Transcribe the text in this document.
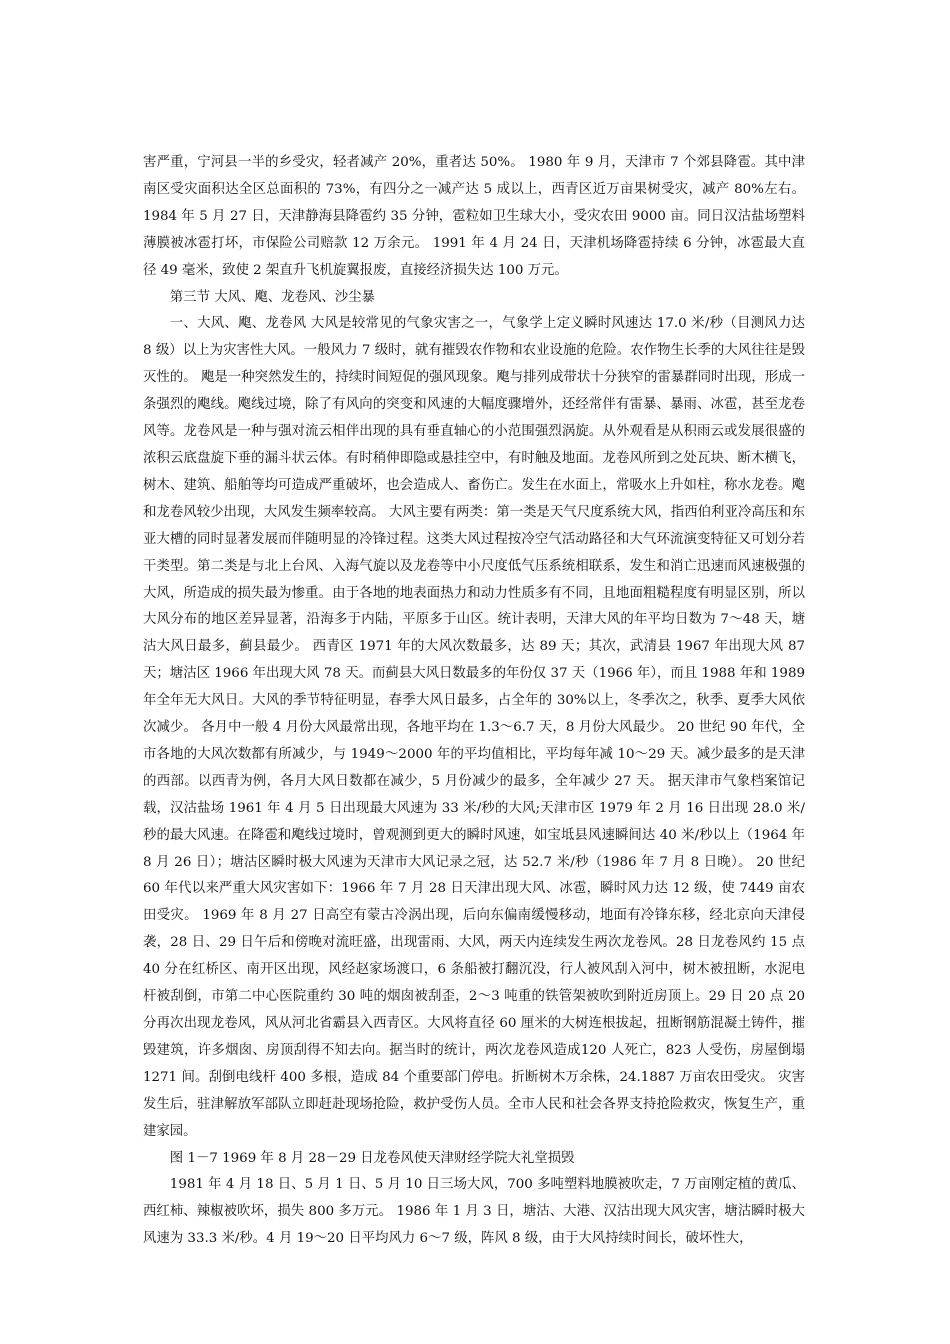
害严重，宁河县一半的乡受灾，轻者减产 20%，重者达 50%。 1980 年 9 月，天津市 7 个郊县降雹。其中津南区受灾面积达全区总面积的 73%，有四分之一减产达 5 成以上，西青区近万亩果树受灾，减产 80%左右。 1984 年 5 月 27 日，天津静海县降雹约 35 分钟，雹粒如卫生球大小，受灾农田 9000 亩。同日汉沽盐场塑料薄膜被冰雹打坏，市保险公司赔款 12 万余元。 1991 年 4 月 24 日，天津机场降雹持续 6 分钟，冰雹最大直径 49 毫米，致使 2 架直升飞机旋翼报废，直接经济损失达 100 万元。

第三节 大风、飑、龙卷风、沙尘暴

一、大风、飑、龙卷风 大风是较常见的气象灾害之一，气象学上定义瞬时风速达 17.0 米/秒（目测风力达 8 级）以上为灾害性大风。一般风力 7 级时，就有摧毁农作物和农业设施的危险。农作物生长季的大风往往是毁灭性的。 飑是一种突然发生的，持续时间短促的强风现象。飑与排列成带状十分狭窄的雷暴群同时出现，形成一条强烈的飑线。飑线过境，除了有风向的突变和风速的大幅度骤增外，还经常伴有雷暴、暴雨、冰雹，甚至龙卷风等。龙卷风是一种与强对流云相伴出现的具有垂直轴心的小范围强烈涡旋。从外观看是从积雨云或发展很盛的浓积云底盘旋下垂的漏斗状云体。有时稍伸即隐或悬挂空中，有时触及地面。龙卷风所到之处瓦块、断木横飞，树木、建筑、船舶等均可造成严重破坏，也会造成人、畜伤亡。发生在水面上，常吸水上升如柱，称水龙卷。飑和龙卷风较少出现，大风发生频率较高。 大风主要有两类：第一类是天气尺度系统大风，指西伯利亚冷高压和东亚大槽的同时显著发展而伴随明显的冷锋过程。这类大风过程按冷空气活动路径和大气环流演变特征又可划分若干类型。第二类是与北上台风、入海气旋以及龙卷等中小尺度低气压系统相联系，发生和消亡迅速而风速极强的大风，所造成的损失最为惨重。由于各地的地表面热力和动力性质多有不同，且地面粗糙程度有明显区别，所以大风分布的地区差异显著，沿海多于内陆，平原多于山区。统计表明，天津大风的年平均日数为 7～48 天，塘沽大风日最多，蓟县最少。 西青区 1971 年的大风次数最多，达 89 天；其次，武清县 1967 年出现大风 87 天；塘沽区 1966 年出现大风 78 天。而蓟县大风日数最多的年份仅 37 天（1966 年），而且 1988 年和 1989 年全年无大风日。大风的季节特征明显，春季大风日最多，占全年的 30%以上，冬季次之，秋季、夏季大风依次减少。 各月中一般 4 月份大风最常出现，各地平均在 1.3～6.7 天，8 月份大风最少。 20 世纪 90 年代，全市各地的大风次数都有所减少，与 1949～2000 年的平均值相比，平均每年减 10～29 天。减少最多的是天津的西部。以西青为例，各月大风日数都在减少，5 月份减少的最多，全年减少 27 天。 据天津市气象档案馆记载，汉沽盐场 1961 年 4 月 5 日出现最大风速为 33 米/秒的大风;天津市区 1979 年 2 月 16 日出现 28.0 米/秒的最大风速。在降雹和飑线过境时，曾观测到更大的瞬时风速，如宝坻县风速瞬间达 40 米/秒以上（1964 年 8 月 26 日）；塘沽区瞬时极大风速为天津市大风记录之冠，达 52.7 米/秒（1986 年 7 月 8 日晚）。 20 世纪 60 年代以来严重大风灾害如下：1966 年 7 月 28 日天津出现大风、冰雹，瞬时风力达 12 级，使 7449 亩农田受灾。 1969 年 8 月 27 日高空有蒙古冷涡出现，后向东偏南缓慢移动，地面有冷锋东移，经北京向天津侵袭，28 日、29 日午后和傍晚对流旺盛，出现雷雨、大风，两天内连续发生两次龙卷风。28 日龙卷风约 15 点 40 分在红桥区、南开区出现，风经赵家场渡口，6 条船被打翻沉没，行人被风刮入河中，树木被扭断，水泥电杆被刮倒，市第二中心医院重约 30 吨的烟囱被刮歪，2～3 吨重的铁管架被吹到附近房顶上。29 日 20 点 20 分再次出现龙卷风，风从河北省霸县入西青区。大风将直径 60 厘米的大树连根拔起，扭断钢筋混凝土铸件，摧毁建筑，许多烟囱、房顶刮得不知去向。据当时的统计，两次龙卷风造成120 人死亡，823 人受伤，房屋倒塌 1271 间。刮倒电线杆 400 多根，造成 84 个重要部门停电。折断树木万余株，24.1887 万亩农田受灾。 灾害发生后，驻津解放军部队立即赶赴现场抢险，救护受伤人员。全市人民和社会各界支持抢险救灾，恢复生产，重建家园。

图 1－7 1969 年 8 月 28－29 日龙卷风使天津财经学院大礼堂损毁

1981 年 4 月 18 日、5 月 1 日、5 月 10 日三场大风，700 多吨塑料地膜被吹走，7 万亩刚定植的黄瓜、西红柿、辣椒被吹坏，损失 800 多万元。 1986 年 1 月 3 日，塘沽、大港、汉沽出现大风灾害，塘沽瞬时极大风速为 33.3 米/秒。4 月 19～20 日平均风力 6～7 级，阵风 8 级，由于大风持续时间长，破坏性大，
